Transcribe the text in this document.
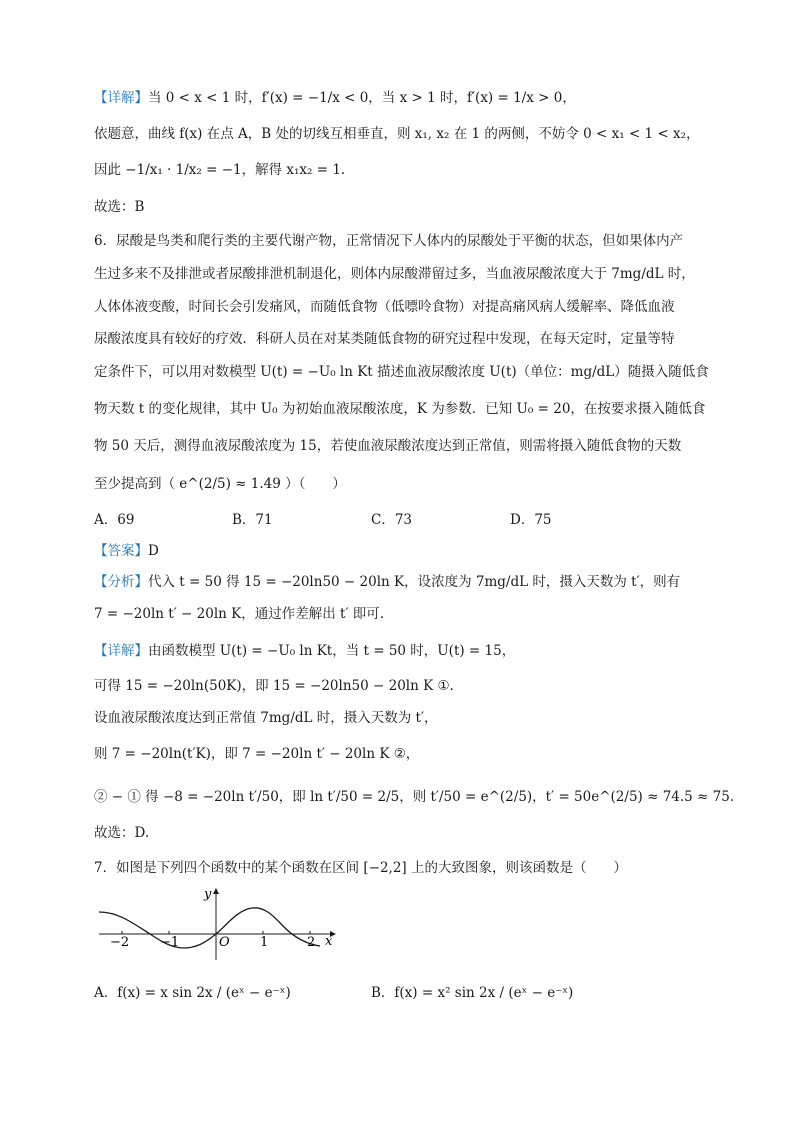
【详解】当 0 < x < 1 时，f′(x) = −1/x < 0，当 x > 1 时，f′(x) = 1/x > 0，
依题意，曲线 f(x) 在点 A，B 处的切线互相垂直，则 x₁, x₂ 在 1 的两侧，不妨令 0 < x₁ < 1 < x₂，
因此 −1/x₁ · 1/x₂ = −1，解得 x₁x₂ = 1.
故选：B
6．尿酸是鸟类和爬行类的主要代谢产物，正常情况下人体内的尿酸处于平衡的状态，但如果体内产
生过多来不及排泄或者尿酸排泄机制退化，则体内尿酸滞留过多，当血液尿酸浓度大于 7mg/dL 时，
人体体液变酸，时间长会引发痛风，而随低食物（低嘌呤食物）对提高痛风病人缓解率、降低血液
尿酸浓度具有较好的疗效．科研人员在对某类随低食物的研究过程中发现，在每天定时，定量等特
定条件下，可以用对数模型 U(t) = −U₀ ln Kt 描述血液尿酸浓度 U(t)（单位：mg/dL）随摄入随低食
物天数 t 的变化规律，其中 U₀ 为初始血液尿酸浓度，K 为参数．已知 U₀ = 20，在按要求摄入随低食
物 50 天后，测得血液尿酸浓度为 15，若使血液尿酸浓度达到正常值，则需将摄入随低食物的天数
至少提高到（ e^(2/5) ≈ 1.49 ）（　　）
A．69	B．71	C．73	D．75
【答案】D
【分析】代入 t = 50 得 15 = −20ln50 − 20ln K，设浓度为 7mg/dL 时，摄入天数为 t′，则有
7 = −20ln t′ − 20ln K，通过作差解出 t′ 即可.
【详解】由函数模型 U(t) = −U₀ ln Kt，当 t = 50 时，U(t) = 15，
可得 15 = −20ln(50K)，即 15 = −20ln50 − 20ln K ①.
设血液尿酸浓度达到正常值 7mg/dL 时，摄入天数为 t′，
则 7 = −20ln(t′K)，即 7 = −20ln t′ − 20ln K ②，
② − ① 得 −8 = −20ln t′/50，即 ln t′/50 = 2/5，则 t′/50 = e^(2/5)，t′ = 50e^(2/5) ≈ 74.5 ≈ 75.
故选：D.
7．如图是下列四个函数中的某个函数在区间 [−2,2] 上的大致图象，则该函数是（　　）
−2 −1	1	2
O
y
x
A．f(x) = x sin 2x / (eˣ − e⁻ˣ)	B．f(x) = x² sin 2x / (eˣ − e⁻ˣ)
